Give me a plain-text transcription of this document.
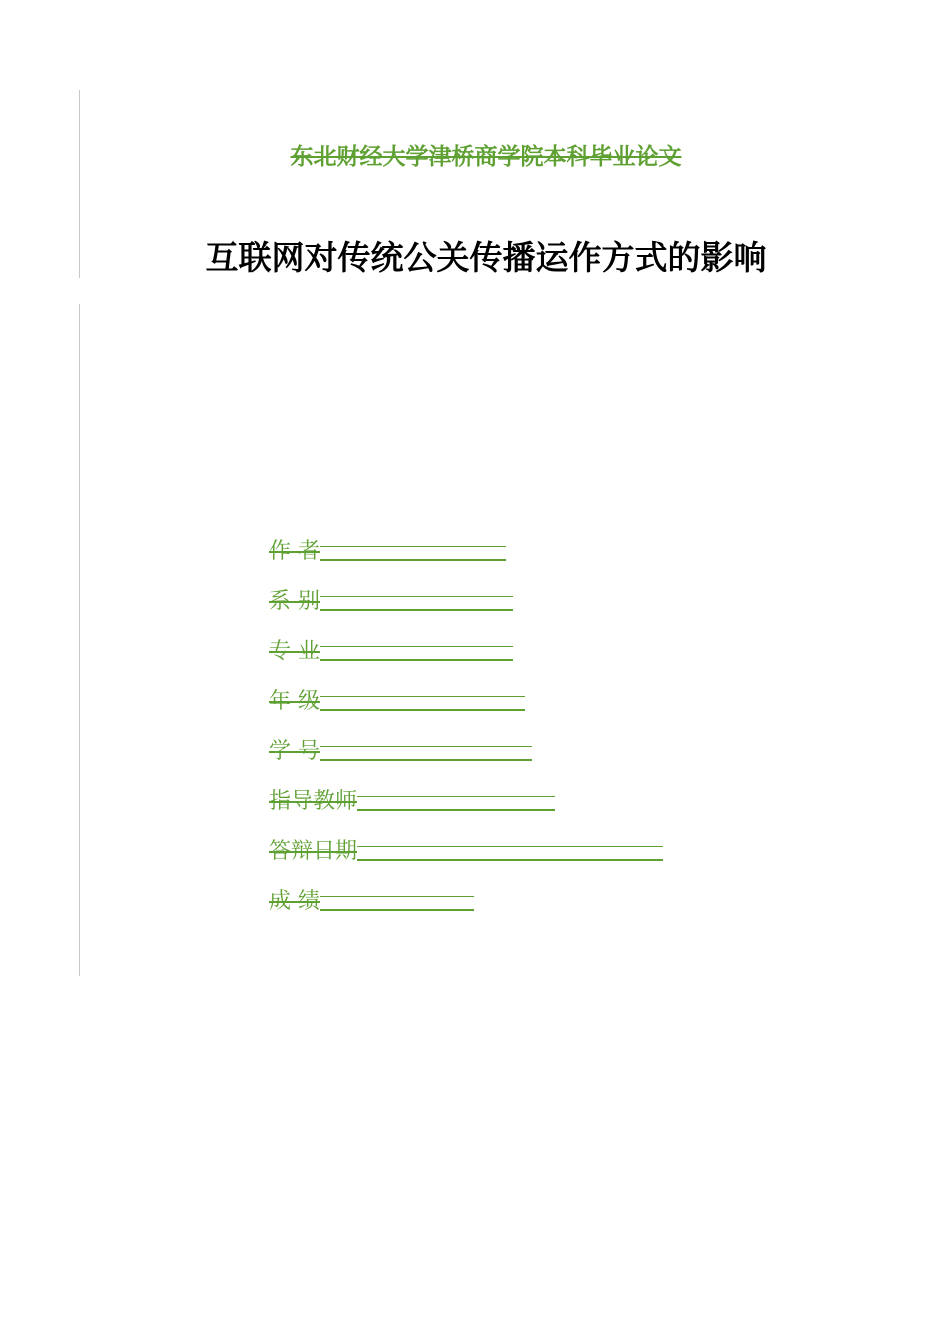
东北财经大学津桥商学院本科毕业论文
互联网对传统公关传播运作方式的影响
作 者
系 别
专 业
年 级
学 号
指导教师
答辩日期
成 绩
